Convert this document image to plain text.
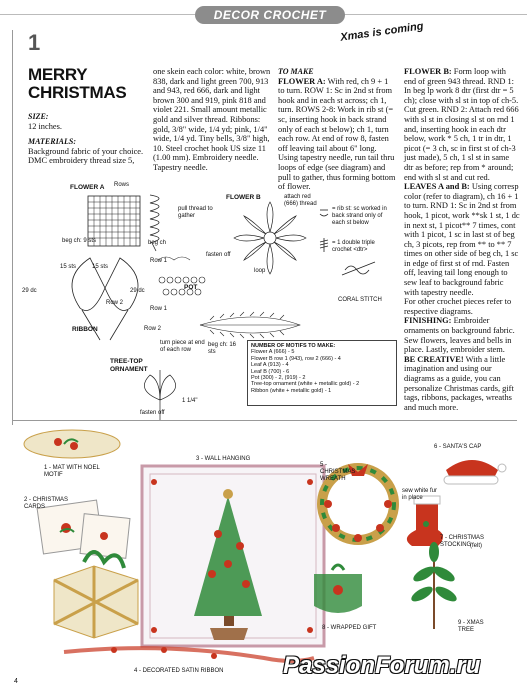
DECOR CROCHET
Xmas is coming
1
MERRY
CHRISTMAS
SIZE:
12 inches.
MATERIALS:
Background fabric of your choice. DMC embroidery thread size 5,
one skein each color: white, brown 838, dark and light green 700, 913 and 943, red 666, dark and light brown 300 and 919, pink 818 and violet 221. Small amount metallic gold and silver thread. Ribbons: gold, 3/8" wide, 1/4 yd; pink, 1/4" wide, 1/4 yd. Tiny bells, 3/8" high, 10. Steel crochet hook US size 11 (1.00 mm). Embroidery needle. Tapestry needle.
TO MAKE
FLOWER A: With red, ch 9 + 1 to turn. ROW 1: Sc in 2nd st from hook and in each st across; ch 1, turn. ROWS 2-8: Work in rib st (= sc, inserting hook in back strand only of each st below); ch 1, turn each row. At end of row 8, fasten off leaving tail about 6" long. Using tapestry needle, run tail thru loops of edge (see diagram) and pull to gather, thus forming bottom of flower.
FLOWER B: Form loop with end of green 943 thread. RND 1: In beg lp work 8 dtr (first dtr = 5 ch); close with sl st in top of ch-5. Cut green. RND 2: Attach red 666 with sl st in closing sl st on rnd 1 and, inserting hook in each dtr below, work * 5 ch, 1 tr in dtr, 1 picot (= 3 ch, sc in first st of ch-3 just made), 5 ch, 1 sl st in same dtr as before; rep from * around; end with sl st and cut red.
LEAVES A and B: Using corresp color (refer to diagram), ch 16 + 1 to turn. RND 1: Sc in 2nd st from hook, 1 picot, work **sk 1 st, 1 dc in next st, 1 picot** 7 times, cont with 1 picot, 1 sc in last st of beg ch, 3 picots, rep from ** to ** 7 times on other side of beg ch, 1 sc in edge of first st of rnd. Fasten off, leaving tail long enough to sew leaf to background fabric with tapestry needle.
For other crochet pieces refer to respective diagrams.
FINISHING: Embroider ornaments on background fabric. Sew flowers, leaves and bells in place. Lastly, embroider stem.
BE CREATIVE! With a little imagination and using our diagrams as a guide, you can personalize Christmas cards, gift tags, ribbons, packages, wreaths and much more.
FLOWER A Rows
pull thread to gather
beg ch: 9 sts	beg ch
FLOWER B	attach red (666) thread
loop
= rib st: sc worked in back strand only of each st below
= 1 double triple crochet <dtr>
CORAL STITCH
15 sts	15 sts
29 dc	29 dc
Row 2
RIBBON
Row 1
fasten off
POT
Row 1
Row 2
turn piece at end of each row
beg ch: 16 sts
TREE-TOP ORNAMENT
1 1/4"
fasten off
NUMBER OF MOTIFS TO MAKE:
Flower A (666) - 5
Flower B row 1 (943), row 2 (666) - 4
Leaf A (913) - 4
Leaf B (700) - 6
Pot (300) - 2, (919) - 2
Tree-top ornament (white + metallic gold) - 2
Ribbon (white + metallic gold) - 1
1 - MAT WITH NOEL MOTIF
2 - CHRISTMAS CARDS
3 - WALL HANGING
4 - DECORATED SATIN RIBBON
5 - CHRISTMAS WREATH
6 - SANTA'S CAP
sew white fur in place
7 - CHRISTMAS STOCKING
(felt)
8 - WRAPPED GIFT
9 - XMAS TREE
4
PassionForum.ru
